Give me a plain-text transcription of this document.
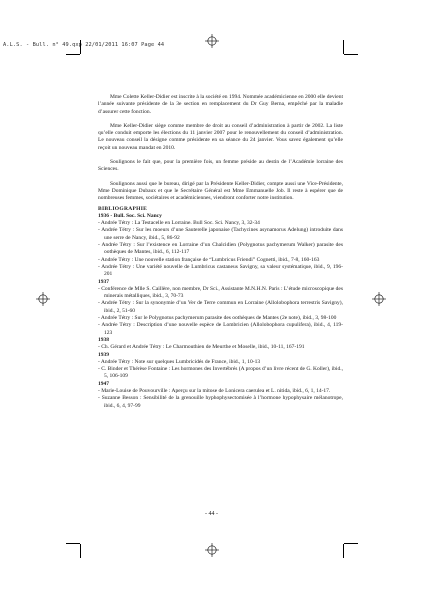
A.L.S. - Bull. n° 49.qxp 22/01/2011 16:07 Page 44

Mme Colette Keller-Didier est inscrite à la société en 1994. Nommée académicienne en 2000 elle devient l’année suivante présidente de la 3e section en remplacement du Dr Guy Berna, empêché par la maladie d’assurer cette fonction.

Mme Keller-Didier siège comme membre de droit au conseil d’administration à partir de 2002. La liste qu’elle conduit emporte les élections du 11 janvier 2007 pour le renouvellement du conseil d’administration. Le nouveau conseil la désigne comme présidente en sa séance du 24 janvier. Vous savez également qu’elle reçoit un nouveau mandat en 2010.

Soulignons le fait que, pour la première fois, un femme préside au destin de l’Académie lorraine des Sciences.

Soulignons aussi que le bureau, dirigé par la Présidente Keller-Didier, compte aussi une Vice-Présidente, Mme Dominique Dubaux et que le Secrétaire Général est Mme Emmanuelle Job. Il reste à espérer que de nombreuses femmes, sociétaires et académiciennes, viendront conforter notre institution.

BIBLIOGRAPHIE

1936 - Bull. Soc. Sci. Nancy

- Andrée Tétry : La Testacelle en Lorraine. Bull Soc. Sci. Nancy, 3, 32-34

- Andrée Tétry : Sur les moeurs d’une Sauterelle japonaise (Tachycines asynamorus Adelung) introduite dans une serre de Nancy, ibid., 5, 86-92

- Andrée Tétry : Sur l’existence en Lorraine d’un Chalcidien (Polygnotus pachymerum Walker) parasite des oothèques de Mantes, ibid., 6, 112-117

- Andrée Tétry : Une nouvelle station française de “Lumbricus Friendi” Cognetti, ibid., 7-8, 160-163

- Andrée Tétry : Une variété nouvelle de Lumbricus castaneus Savigny, sa valeur systématique, ibid., 9, 196-201

1937

- Conférence de Mlle S. Caillère, non membre, Dr Sci., Assistante M.N.H.N. Paris : L’étude microscopique des minerais métalliques, ibid., 3, 70-73

- Andrée Tétry : Sur la synonymie d’un Ver de Terre commun en Lorraine (Allolobophora terrestris Savigny), ibid., 2, 51-60

- Andrée Tétry : Sur le Polygnotus pachymerum parasite des oothèques de Mantes (2e note), ibid., 3, 98-100

- Andrée Tétry : Description d’une nouvelle espèce de Lombricien (Allolobophora cupulifera), ibid., 4, 119-123

1938

- Ch. Gérard et Andrée Tétry : Le Charmouthien de Meurthe et Moselle, ibid., 10-11, 167-191

1939

- Andrée Tétry : Note sur quelques Lumbricidés de France, ibid., 1, 10-13

- C. Binder et Thérèse Fontaine : Les hormones des Invertébrés (A propos d’un livre récent de G. Koller), ibid., 5, 106-109

1947

- Marie-Louise de Pouvourville : Aperçu sur la mitose de Lonicera caerulea et L. nitida, ibid., 6, 1, 14-17.

- Suzanne Besson : Sensibilité de la grenouille hyphophysectomisée à l’hormone hypophysaire mélanotrope, ibid., 6, 4, 97-99

- 44 -
